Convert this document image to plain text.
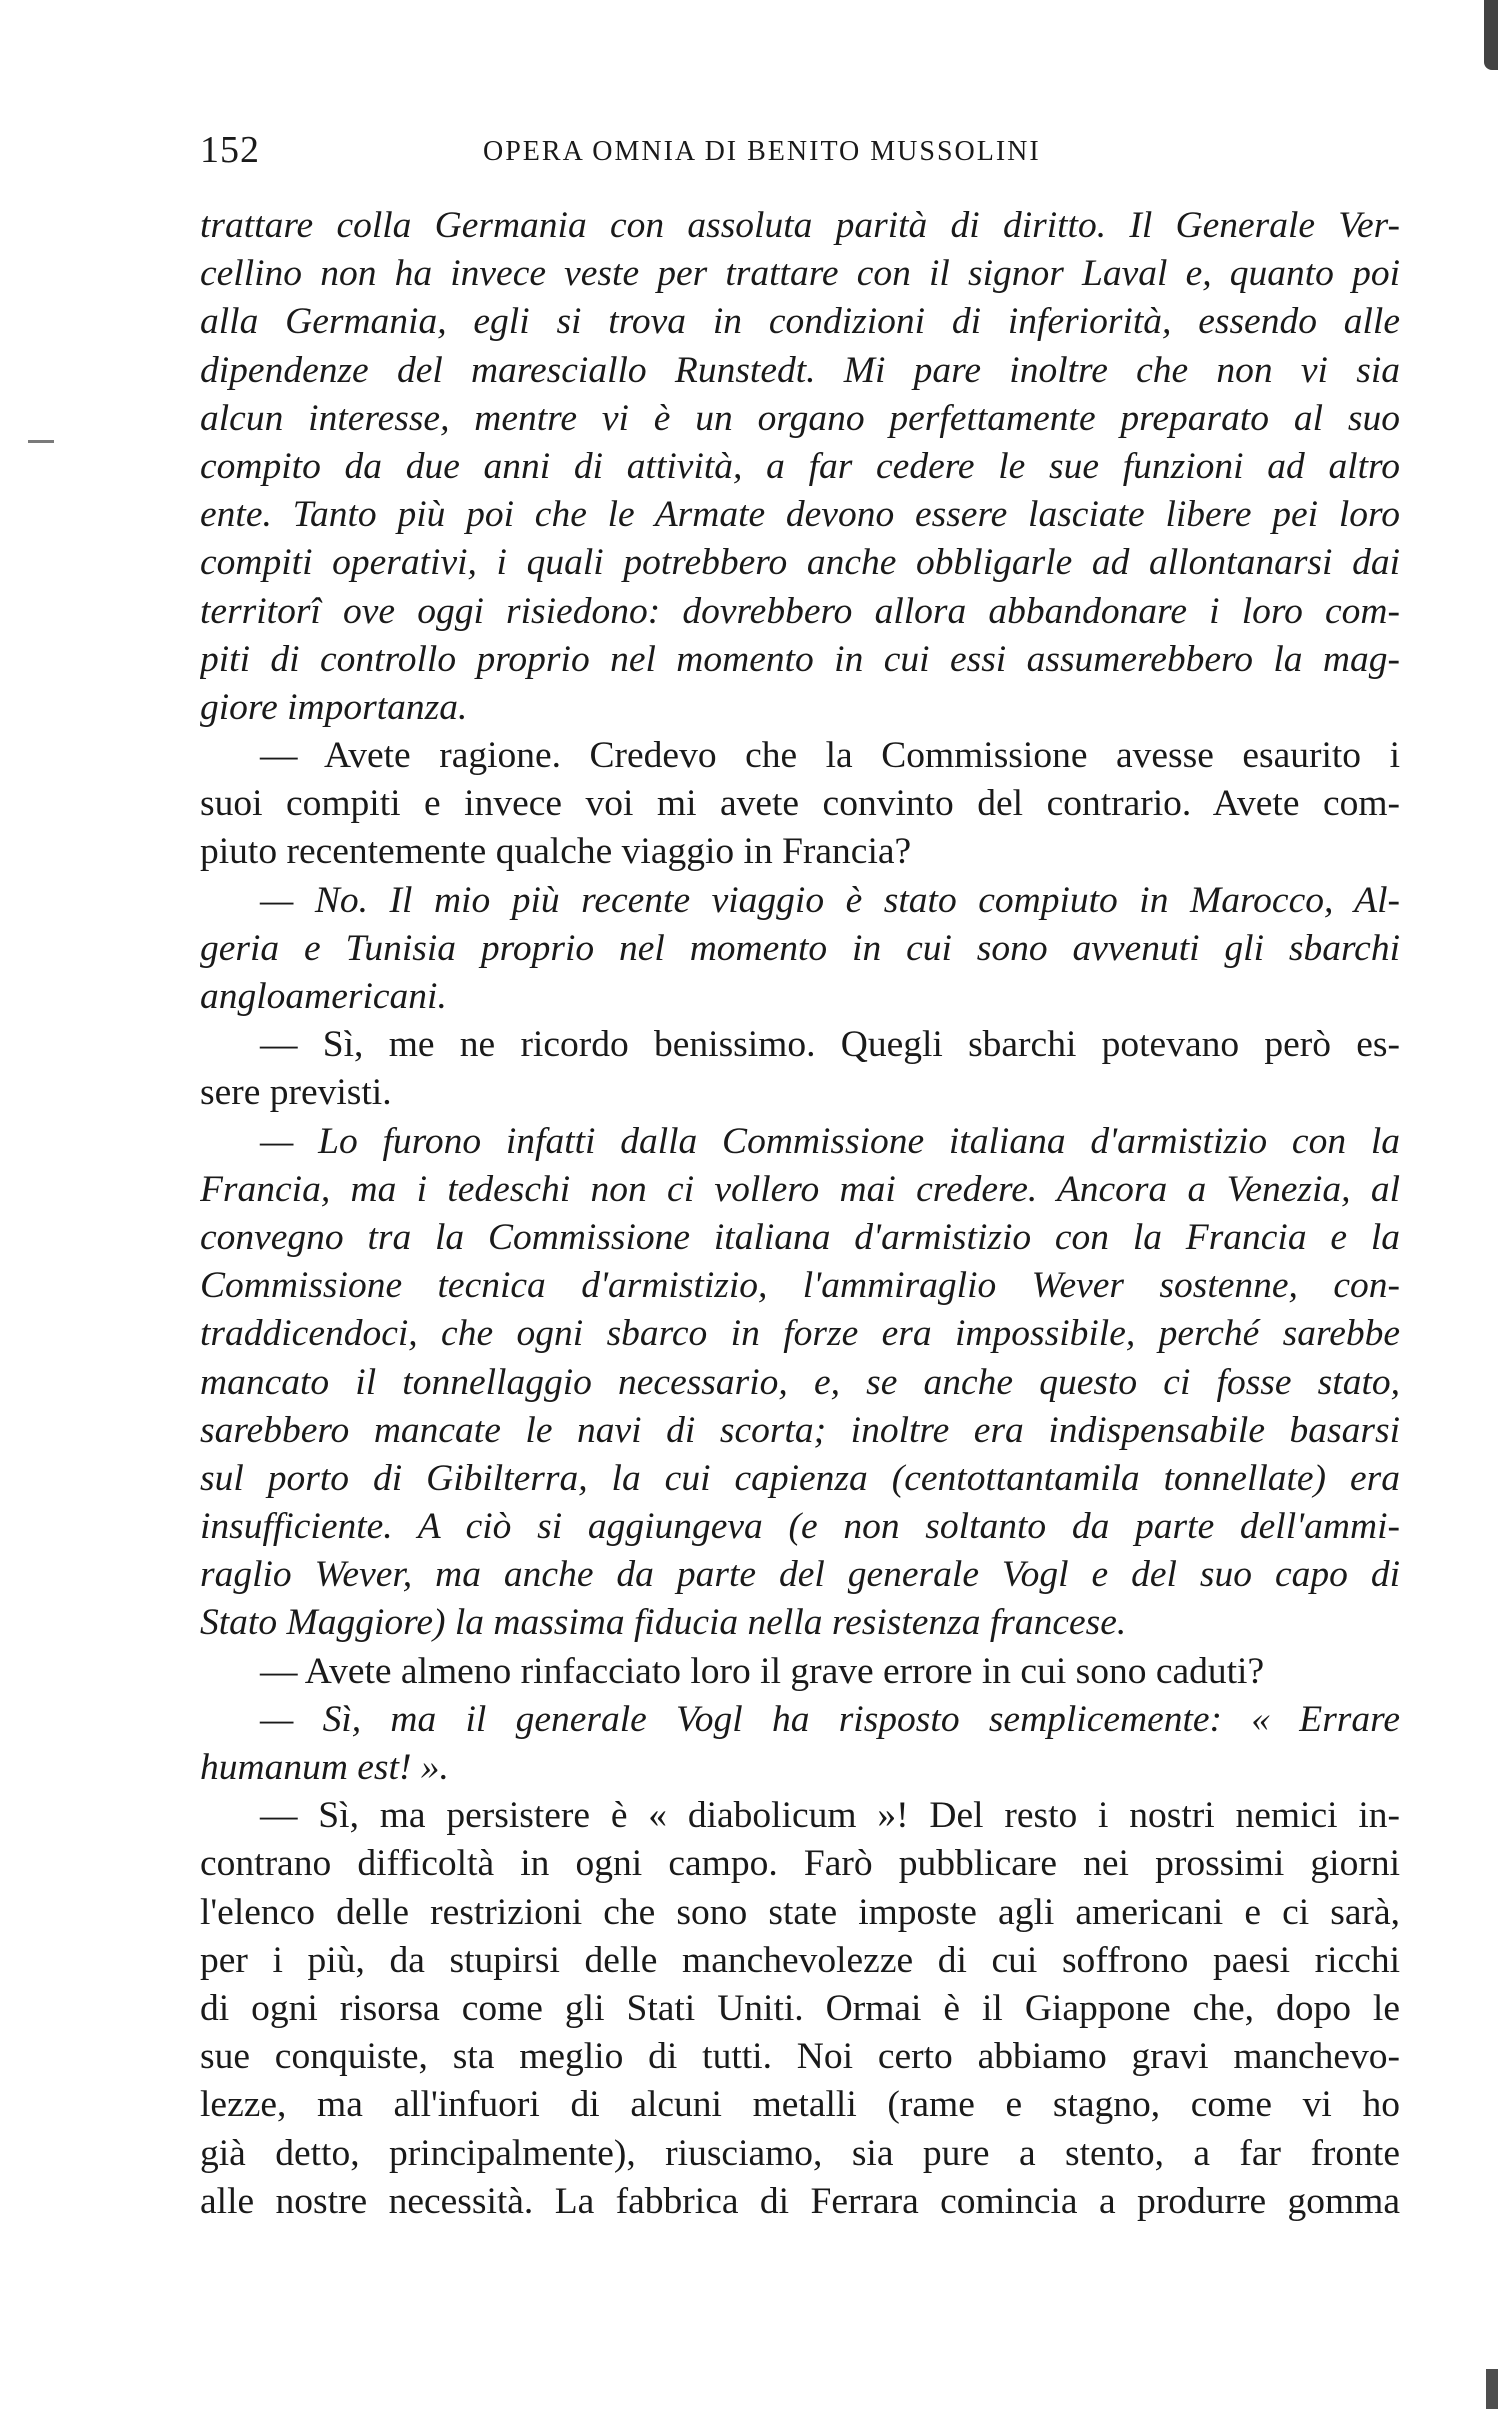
152	OPERA OMNIA DI BENITO MUSSOLINI
trattare colla Germania con assoluta parità di diritto. Il Generale Ver-
cellino non ha invece veste per trattare con il signor Laval e, quanto poi
alla Germania, egli si trova in condizioni di inferiorità, essendo alle
dipendenze del maresciallo Runstedt. Mi pare inoltre che non vi sia
alcun interesse, mentre vi è un organo perfettamente preparato al suo
compito da due anni di attività, a far cedere le sue funzioni ad altro
ente. Tanto più poi che le Armate devono essere lasciate libere pei loro
compiti operativi, i quali potrebbero anche obbligarle ad allontanarsi dai
territorî ove oggi risiedono: dovrebbero allora abbandonare i loro com-
piti di controllo proprio nel momento in cui essi assumerebbero la mag-
giore importanza.
— Avete ragione. Credevo che la Commissione avesse esaurito i
suoi compiti e invece voi mi avete convinto del contrario. Avete com-
piuto recentemente qualche viaggio in Francia?
— No. Il mio più recente viaggio è stato compiuto in Marocco, Al-
geria e Tunisia proprio nel momento in cui sono avvenuti gli sbarchi
angloamericani.
— Sì, me ne ricordo benissimo. Quegli sbarchi potevano però es-
sere previsti.
— Lo furono infatti dalla Commissione italiana d'armistizio con la
Francia, ma i tedeschi non ci vollero mai credere. Ancora a Venezia, al
convegno tra la Commissione italiana d'armistizio con la Francia e la
Commissione tecnica d'armistizio, l'ammiraglio Wever sostenne, con-
traddicendoci, che ogni sbarco in forze era impossibile, perché sarebbe
mancato il tonnellaggio necessario, e, se anche questo ci fosse stato,
sarebbero mancate le navi di scorta; inoltre era indispensabile basarsi
sul porto di Gibilterra, la cui capienza (centottantamila tonnellate) era
insufficiente. A ciò si aggiungeva (e non soltanto da parte dell'ammi-
raglio Wever, ma anche da parte del generale Vogl e del suo capo di
Stato Maggiore) la massima fiducia nella resistenza francese.
— Avete almeno rinfacciato loro il grave errore in cui sono caduti?
— Sì, ma il generale Vogl ha risposto semplicemente: « Errare
humanum est! ».
— Sì, ma persistere è « diabolicum »! Del resto i nostri nemici in-
contrano difficoltà in ogni campo. Farò pubblicare nei prossimi giorni
l'elenco delle restrizioni che sono state imposte agli americani e ci sarà,
per i più, da stupirsi delle manchevolezze di cui soffrono paesi ricchi
di ogni risorsa come gli Stati Uniti. Ormai è il Giappone che, dopo le
sue conquiste, sta meglio di tutti. Noi certo abbiamo gravi manchevo-
lezze, ma all'infuori di alcuni metalli (rame e stagno, come vi ho
già detto, principalmente), riusciamo, sia pure a stento, a far fronte
alle nostre necessità. La fabbrica di Ferrara comincia a produrre gomma
